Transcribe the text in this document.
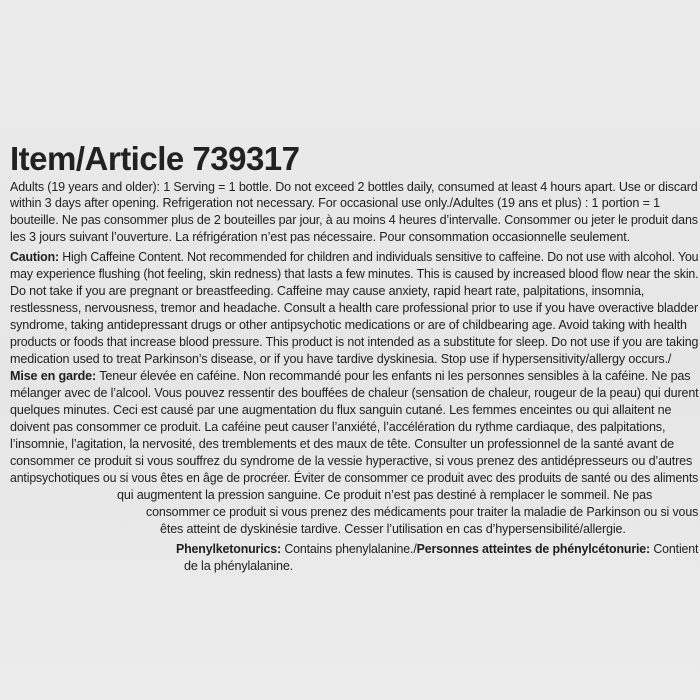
Item/Article 739317
Adults (19 years and older): 1 Serving = 1 bottle. Do not exceed 2 bottles daily, consumed at least 4 hours apart. Use or discard
within 3 days after opening. Refrigeration not necessary. For occasional use only./Adultes (19 ans et plus) : 1 portion = 1
bouteille. Ne pas consommer plus de 2 bouteilles par jour, à au moins 4 heures d’intervalle. Consommer ou jeter le produit dans
les 3 jours suivant l’ouverture. La réfrigération n’est pas nécessaire. Pour consommation occasionnelle seulement.
Caution: High Caffeine Content. Not recommended for children and individuals sensitive to caffeine. Do not use with alcohol. You
may experience flushing (hot feeling, skin redness) that lasts a few minutes. This is caused by increased blood flow near the skin.
Do not take if you are pregnant or breastfeeding. Caffeine may cause anxiety, rapid heart rate, palpitations, insomnia,
restlessness, nervousness, tremor and headache. Consult a health care professional prior to use if you have overactive bladder
syndrome, taking antidepressant drugs or other antipsychotic medications or are of childbearing age. Avoid taking with health
products or foods that increase blood pressure. This product is not intended as a substitute for sleep. Do not use if you are taking
medication used to treat Parkinson’s disease, or if you have tardive dyskinesia. Stop use if hypersensitivity/allergy occurs./
Mise en garde: Teneur élevée en caféine. Non recommandé pour les enfants ni les personnes sensibles à la caféine. Ne pas
mélanger avec de l’alcool. Vous pouvez ressentir des bouffées de chaleur (sensation de chaleur, rougeur de la peau) qui durent
quelques minutes. Ceci est causé par une augmentation du flux sanguin cutané. Les femmes enceintes ou qui allaitent ne
doivent pas consommer ce produit. La caféine peut causer l’anxiété, l’accélération du rythme cardiaque, des palpitations,
l’insomnie, l’agitation, la nervosité, des tremblements et des maux de tête. Consulter un professionnel de la santé avant de
consommer ce produit si vous souffrez du syndrome de la vessie hyperactive, si vous prenez des antidépresseurs ou d’autres
antipsychotiques ou si vous êtes en âge de procréer. Éviter de consommer ce produit avec des produits de santé ou des aliments
qui augmentent la pression sanguine. Ce produit n’est pas destiné à remplacer le sommeil. Ne pas
consommer ce produit si vous prenez des médicaments pour traiter la maladie de Parkinson ou si vous
êtes atteint de dyskinésie tardive. Cesser l’utilisation en cas d’hypersensibilité/allergie.
Phenylketonurics: Contains phenylalanine./Personnes atteintes de phénylcétonurie: Contient
de la phénylalanine.
